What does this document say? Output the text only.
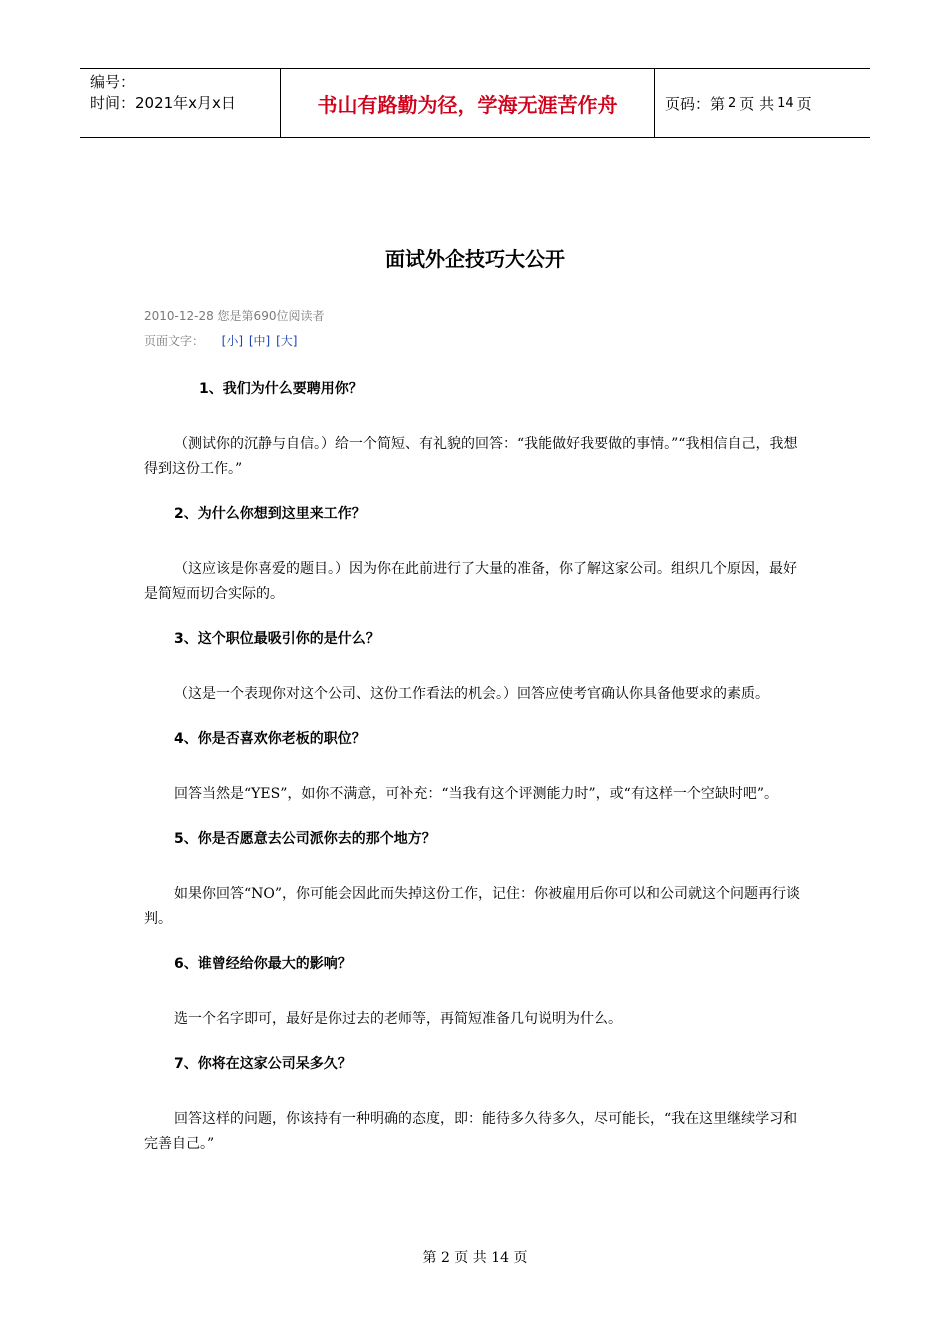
编号：
时间：2021年x月x日	书山有路勤为径，学海无涯苦作舟	页码：第 2 页 共 14 页
面试外企技巧大公开
2010-12-28 您是第690位阅读者
页面文字： [小] [中] [大]
1、我们为什么要聘用你？
（测试你的沉静与自信。）给一个简短、有礼貌的回答：“我能做好我要做的事情。”“我相信自己，我想得到这份工作。”
2、为什么你想到这里来工作？
（这应该是你喜爱的题目。）因为你在此前进行了大量的准备，你了解这家公司。组织几个原因，最好是简短而切合实际的。
3、这个职位最吸引你的是什么？
（这是一个表现你对这个公司、这份工作看法的机会。）回答应使考官确认你具备他要求的素质。
4、你是否喜欢你老板的职位？
回答当然是“YES”，如你不满意，可补充：“当我有这个评测能力时”，或“有这样一个空缺时吧”。
5、你是否愿意去公司派你去的那个地方？
如果你回答“NO”，你可能会因此而失掉这份工作，记住：你被雇用后你可以和公司就这个问题再行谈判。
6、谁曾经给你最大的影响？
选一个名字即可，最好是你过去的老师等，再简短准备几句说明为什么。
7、你将在这家公司呆多久？
回答这样的问题，你该持有一种明确的态度，即：能待多久待多久，尽可能长，“我在这里继续学习和完善自己。”
第 2 页 共 14 页
